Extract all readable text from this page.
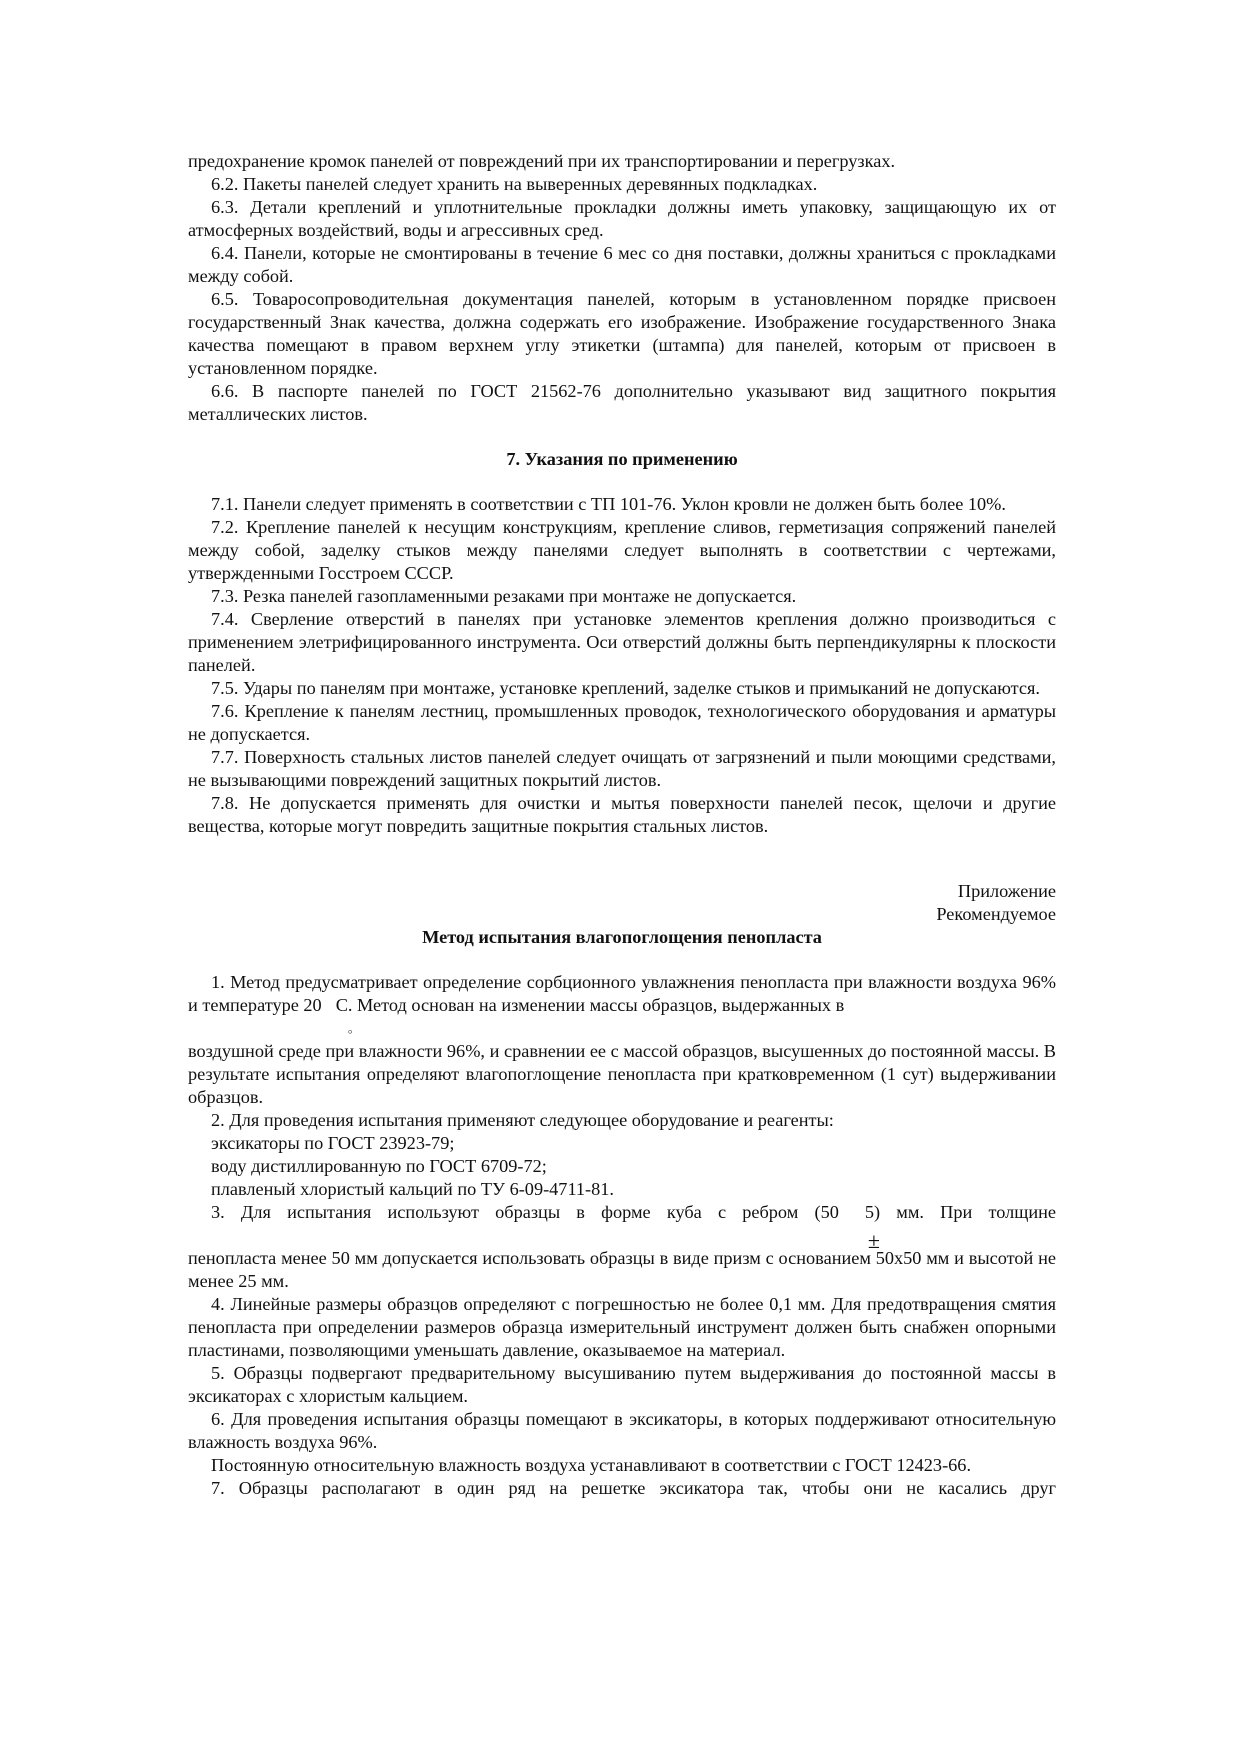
предохранение кромок панелей от повреждений при их транспортировании и перегрузках.

6.2. Пакеты панелей следует хранить на выверенных деревянных подкладках.

6.3. Детали креплений и уплотнительные прокладки должны иметь упаковку, защищающую их от атмосферных воздействий, воды и агрессивных сред.

6.4. Панели, которые не смонтированы в течение 6 мес со дня поставки, должны храниться с прокладками между собой.

6.5. Товаросопроводительная документация панелей, которым в установленном порядке присвоен государственный Знак качества, должна содержать его изображение. Изображение государственного Знака качества помещают в правом верхнем углу этикетки (штампа) для панелей, которым от присвоен в установленном порядке.

6.6. В паспорте панелей по ГОСТ 21562-76 дополнительно указывают вид защитного покрытия металлических листов.

7. Указания по применению

7.1. Панели следует применять в соответствии с ТП 101-76. Уклон кровли не должен быть более 10%.

7.2. Крепление панелей к несущим конструкциям, крепление сливов, герметизация сопряжений панелей между собой, заделку стыков между панелями следует выполнять в соответствии с чертежами, утвержденными Госстроем СССР.

7.3. Резка панелей газопламенными резаками при монтаже не допускается.

7.4. Сверление отверстий в панелях при установке элементов крепления должно производиться с применением элетрифицированного инструмента. Оси отверстий должны быть перпендикулярны к плоскости панелей.

7.5. Удары по панелям при монтаже, установке креплений, заделке стыков и примыканий не допускаются.

7.6. Крепление к панелям лестниц, промышленных проводок, технологического оборудования и арматуры не допускается.

7.7. Поверхность стальных листов панелей следует очищать от загрязнений и пыли моющими средствами, не вызывающими повреждений защитных покрытий листов.

7.8. Не допускается применять для очистки и мытья поверхности панелей песок, щелочи и другие вещества, которые могут повредить защитные покрытия стальных листов.

Приложение

Рекомендуемое

Метод испытания влагопоглощения пенопласта

1. Метод предусматривает определение сорбционного увлажнения пенопласта при влажности воздуха 96% и температуре 20
°
С. Метод основан на изменении массы образцов, выдержанных в

воздушной среде при влажности 96%, и сравнении ее с массой образцов, высушенных до постоянной массы. В результате испытания определяют влагопоглощение пенопласта при кратковременном (1 сут) выдерживании образцов.

2. Для проведения испытания применяют следующее оборудование и реагенты:

эксикаторы по ГОСТ 23923-79;

воду дистиллированную по ГОСТ 6709-72;

плавленый хлористый кальций по ТУ 6-09-4711-81.

3. Для испытания используют образцы в форме куба с ребром (50
±
5) мм. При толщине

пенопласта менее 50 мм допускается использовать образцы в виде призм с основанием 50x50 мм и высотой не менее 25 мм.

4. Линейные размеры образцов определяют с погрешностью не более 0,1 мм. Для предотвращения смятия пенопласта при определении размеров образца измерительный инструмент должен быть снабжен опорными пластинами, позволяющими уменьшать давление, оказываемое на материал.

5. Образцы подвергают предварительному высушиванию путем выдерживания до постоянной массы в эксикаторах с хлористым кальцием.

6. Для проведения испытания образцы помещают в эксикаторы, в которых поддерживают относительную влажность воздуха 96%.

Постоянную относительную влажность воздуха устанавливают в соответствии с ГОСТ 12423-66.

7. Образцы располагают в один ряд на решетке эксикатора так, чтобы они не касались друг
